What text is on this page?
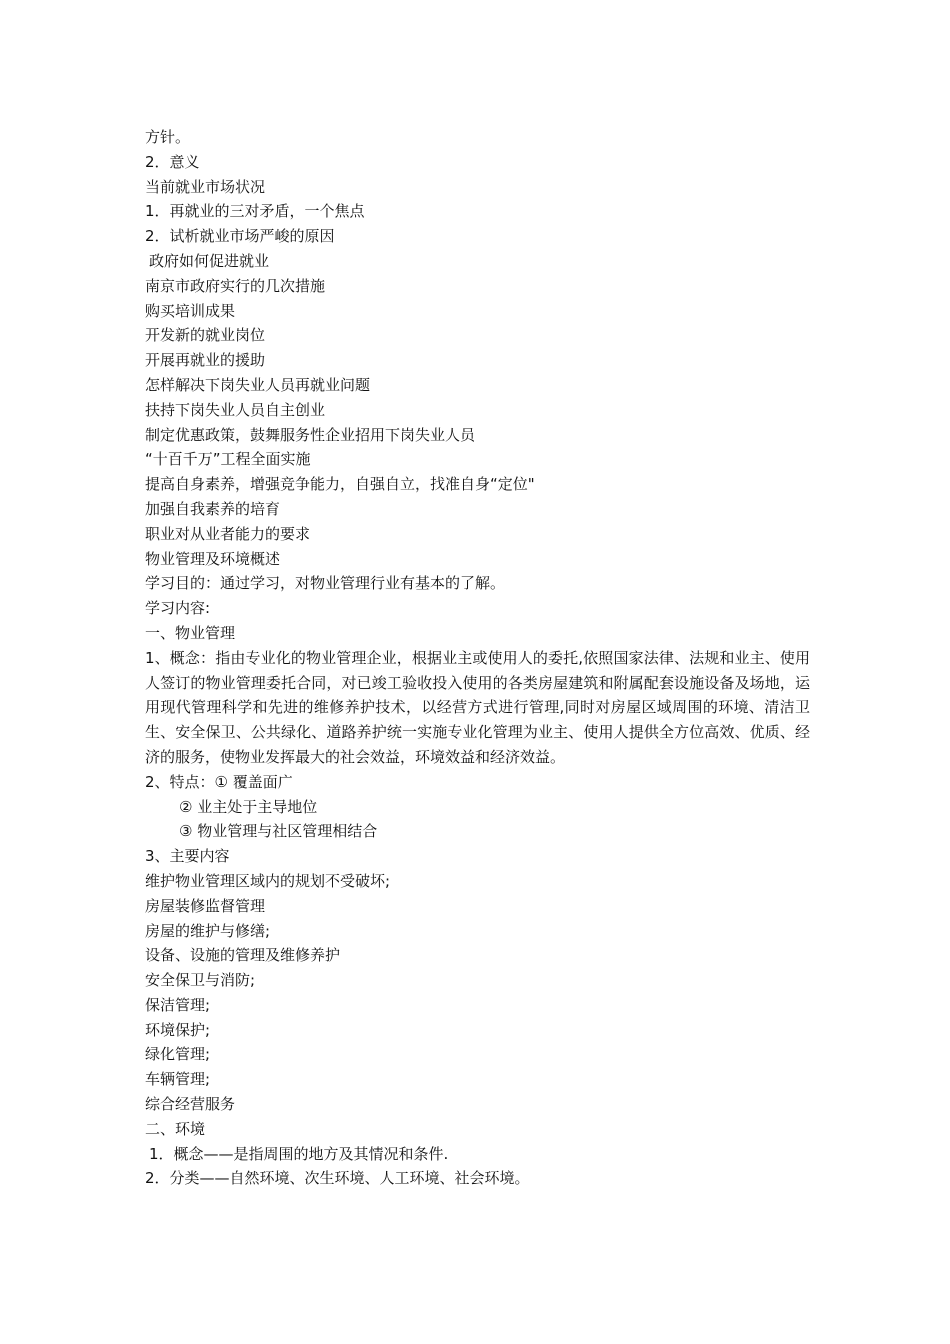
方针。
2．意义
当前就业市场状况
1．再就业的三对矛盾，一个焦点
2．试析就业市场严峻的原因
政府如何促进就业
南京市政府实行的几次措施
购买培训成果
开发新的就业岗位
开展再就业的援助
怎样解决下岗失业人员再就业问题
扶持下岗失业人员自主创业
制定优惠政策，鼓舞服务性企业招用下岗失业人员
“十百千万”工程全面实施
提高自身素养，增强竞争能力，自强自立，找准自身“定位"
加强自我素养的培育
职业对从业者能力的要求
物业管理及环境概述
学习目的：通过学习，对物业管理行业有基本的了解。
学习内容:
一、物业管理
1、概念：指由专业化的物业管理企业，根据业主或使用人的委托,依照国家法律、法规和业主、使用人签订的物业管理委托合同，对已竣工验收投入使用的各类房屋建筑和附属配套设施设备及场地，运用现代管理科学和先进的维修养护技术，以经营方式进行管理,同时对房屋区域周围的环境、清洁卫生、安全保卫、公共绿化、道路养护统一实施专业化管理为业主、使用人提供全方位高效、优质、经济的服务，使物业发挥最大的社会效益，环境效益和经济效益。
2、特点：① 覆盖面广
② 业主处于主导地位
③ 物业管理与社区管理相结合
3、主要内容
维护物业管理区域内的规划不受破坏;
房屋装修监督管理
房屋的维护与修缮;
设备、设施的管理及维修养护
安全保卫与消防;
保洁管理;
环境保护;
绿化管理;
车辆管理;
综合经营服务
二、环境
1．概念——是指周围的地方及其情况和条件.
2．分类——自然环境、次生环境、人工环境、社会环境。
